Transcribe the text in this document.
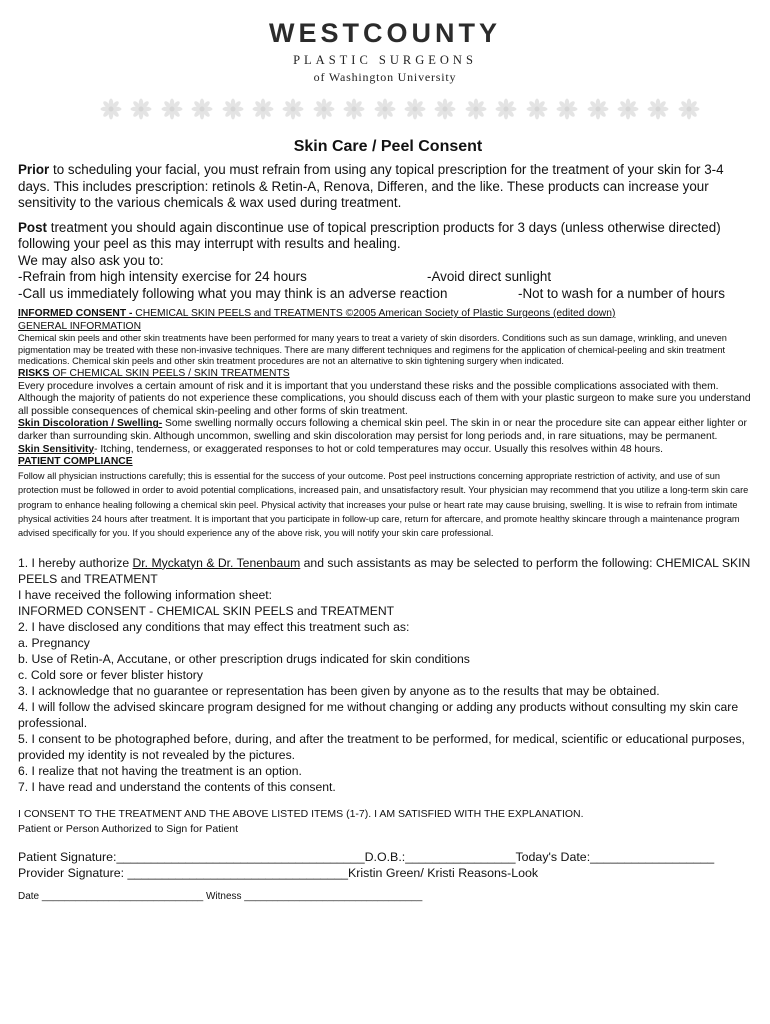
WESTCOUNTY
PLASTIC SURGEONS
of Washington University
Skin Care / Peel Consent

Prior to scheduling your facial, you must refrain from using any topical prescription for the treatment of your skin for 3-4 days. This includes prescription: retinols & Retin-A, Renova, Differen, and the like. These products can increase your sensitivity to the various chemicals & wax used during treatment.

Post treatment you should again discontinue use of topical prescription products for 3 days (unless otherwise directed) following your peel as this may interrupt with results and healing.

We may also ask you to:
-Refrain from high intensity exercise for 24 hours	-Avoid direct sunlight
-Call us immediately following what you may think is an adverse reaction	-Not to wash for a number of hours
INFORMED CONSENT - CHEMICAL SKIN PEELS and TREATMENTS ©2005 American Society of Plastic Surgeons (edited down)
GENERAL INFORMATION
Chemical skin peels and other skin treatments have been performed for many years to treat a variety of skin disorders. Conditions such as sun damage, wrinkling, and uneven pigmentation may be treated with these non-invasive techniques. There are many different techniques and regimens for the application of chemical-peeling and skin treatment medications. Chemical skin peels and other skin treatment procedures are not an alternative to skin tightening surgery when indicated.
RISKS OF CHEMICAL SKIN PEELS / SKIN TREATMENTS
Every procedure involves a certain amount of risk and it is important that you understand these risks and the possible complications associated with them. Although the majority of patients do not experience these complications, you should discuss each of them with your plastic surgeon to make sure you understand all possible consequences of chemical skin-peeling and other forms of skin treatment.
Skin Discoloration / Swelling- Some swelling normally occurs following a chemical skin peel. The skin in or near the procedure site can appear either lighter or darker than surrounding skin. Although uncommon, swelling and skin discoloration may persist for long periods and, in rare situations, may be permanent.
Skin Sensitivity- Itching, tenderness, or exaggerated responses to hot or cold temperatures may occur. Usually this resolves within 48 hours.
PATIENT COMPLIANCE
Follow all physician instructions carefully; this is essential for the success of your outcome. Post peel instructions concerning appropriate restriction of activity, and use of sun protection must be followed in order to avoid potential complications, increased pain, and unsatisfactory result. Your physician may recommend that you utilize a long-term skin care program to enhance healing following a chemical skin peel. Physical activity that increases your pulse or heart rate may cause bruising, swelling. It is wise to refrain from intimate physical activities 24 hours after treatment. It is important that you participate in follow-up care, return for aftercare, and promote healthy skincare through a maintenance program advised specifically for you. If you should experience any of the above risk, you will notify your skin care professional.
1. I hereby authorize Dr. Myckatyn & Dr. Tenenbaum and such assistants as may be selected to perform the following: CHEMICAL SKIN PEELS and TREATMENT
I have received the following information sheet:
INFORMED CONSENT - CHEMICAL SKIN PEELS and TREATMENT
2. I have disclosed any conditions that may effect this treatment such as:
a. Pregnancy
b. Use of Retin-A, Accutane, or other prescription drugs indicated for skin conditions
c. Cold sore or fever blister history
3. I acknowledge that no guarantee or representation has been given by anyone as to the results that may be obtained.
4. I will follow the advised skincare program designed for me without changing or adding any products without consulting my skin care professional.
5. I consent to be photographed before, during, and after the treatment to be performed, for medical, scientific or educational purposes, provided my identity is not revealed by the pictures.
6. I realize that not having the treatment is an option.
7. I have read and understand the contents of this consent.
I CONSENT TO THE TREATMENT AND THE ABOVE LISTED ITEMS (1-7). I AM SATISFIED WITH THE EXPLANATION.
Patient or Person Authorized to Sign for Patient
Patient Signature:____________________________________D.O.B.:________________Today's Date:__________________
Provider Signature: ________________________________Kristin Green/ Kristi Reasons-Look
Date _____________________________ Witness ________________________________
